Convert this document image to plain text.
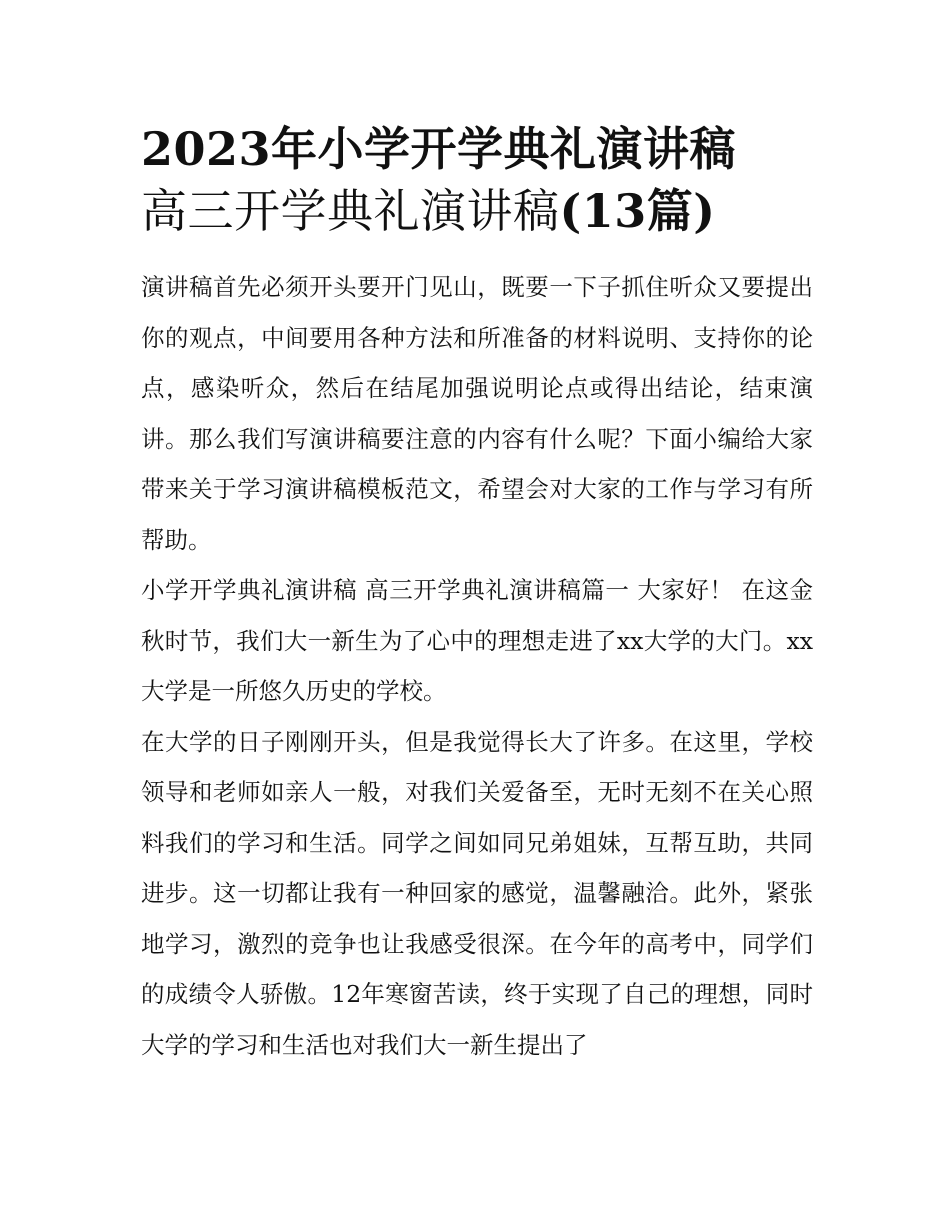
2023年小学开学典礼演讲稿
高三开学典礼演讲稿(13篇)

演讲稿首先必须开头要开门见山，既要一下子抓住听众又要提出你的观点，中间要用各种方法和所准备的材料说明、支持你的论点，感染听众，然后在结尾加强说明论点或得出结论，结束演讲。那么我们写演讲稿要注意的内容有什么呢？下面小编给大家带来关于学习演讲稿模板范文，希望会对大家的工作与学习有所帮助。

小学开学典礼演讲稿 高三开学典礼演讲稿篇一 大家好！ 在这金秋时节，我们大一新生为了心中的理想走进了xx大学的大门。xx大学是一所悠久历史的学校。

在大学的日子刚刚开头，但是我觉得长大了许多。在这里，学校领导和老师如亲人一般，对我们关爱备至，无时无刻不在关心照料我们的学习和生活。同学之间如同兄弟姐妹，互帮互助，共同进步。这一切都让我有一种回家的感觉，温馨融洽。此外，紧张地学习，激烈的竞争也让我感受很深。在今年的高考中，同学们的成绩令人骄傲。12年寒窗苦读，终于实现了自己的理想，同时大学的学习和生活也对我们大一新生提出了
